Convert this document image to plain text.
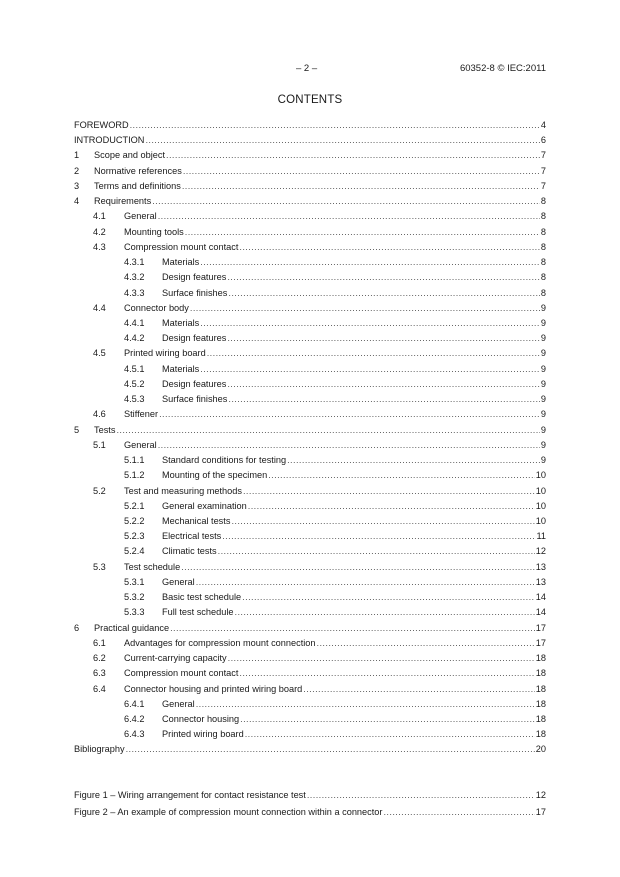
– 2 –	60352-8 © IEC:2011
CONTENTS
FOREWORD .....	4
INTRODUCTION .....	6
1 Scope and object .....	7
2 Normative references .....	7
3 Terms and definitions .....	7
4 Requirements .....	8
4.1 General .....	8
4.2 Mounting tools .....	8
4.3 Compression mount contact .....	8
4.3.1 Materials .....	8
4.3.2 Design features .....	8
4.3.3 Surface finishes .....	8
4.4 Connector body .....	9
4.4.1 Materials .....	9
4.4.2 Design features .....	9
4.5 Printed wiring board .....	9
4.5.1 Materials .....	9
4.5.2 Design features .....	9
4.5.3 Surface finishes .....	9
4.6 Stiffener .....	9
5 Tests .....	9
5.1 General .....	9
5.1.1 Standard conditions for testing .....	9
5.1.2 Mounting of the specimen .....	10
5.2 Test and measuring methods .....	10
5.2.1 General examination .....	10
5.2.2 Mechanical tests .....	10
5.2.3 Electrical tests .....	11
5.2.4 Climatic tests .....	12
5.3 Test schedule .....	13
5.3.1 General .....	13
5.3.2 Basic test schedule .....	14
5.3.3 Full test schedule .....	14
6 Practical guidance .....	17
6.1 Advantages for compression mount connection .....	17
6.2 Current-carrying capacity .....	18
6.3 Compression mount contact .....	18
6.4 Connector housing and printed wiring board .....	18
6.4.1 General .....	18
6.4.2 Connector housing .....	18
6.4.3 Printed wiring board .....	18
Bibliography .....	20
Figure 1 – Wiring arrangement for contact resistance test .....	12
Figure 2 – An example of compression mount connection within a connector .....	17
